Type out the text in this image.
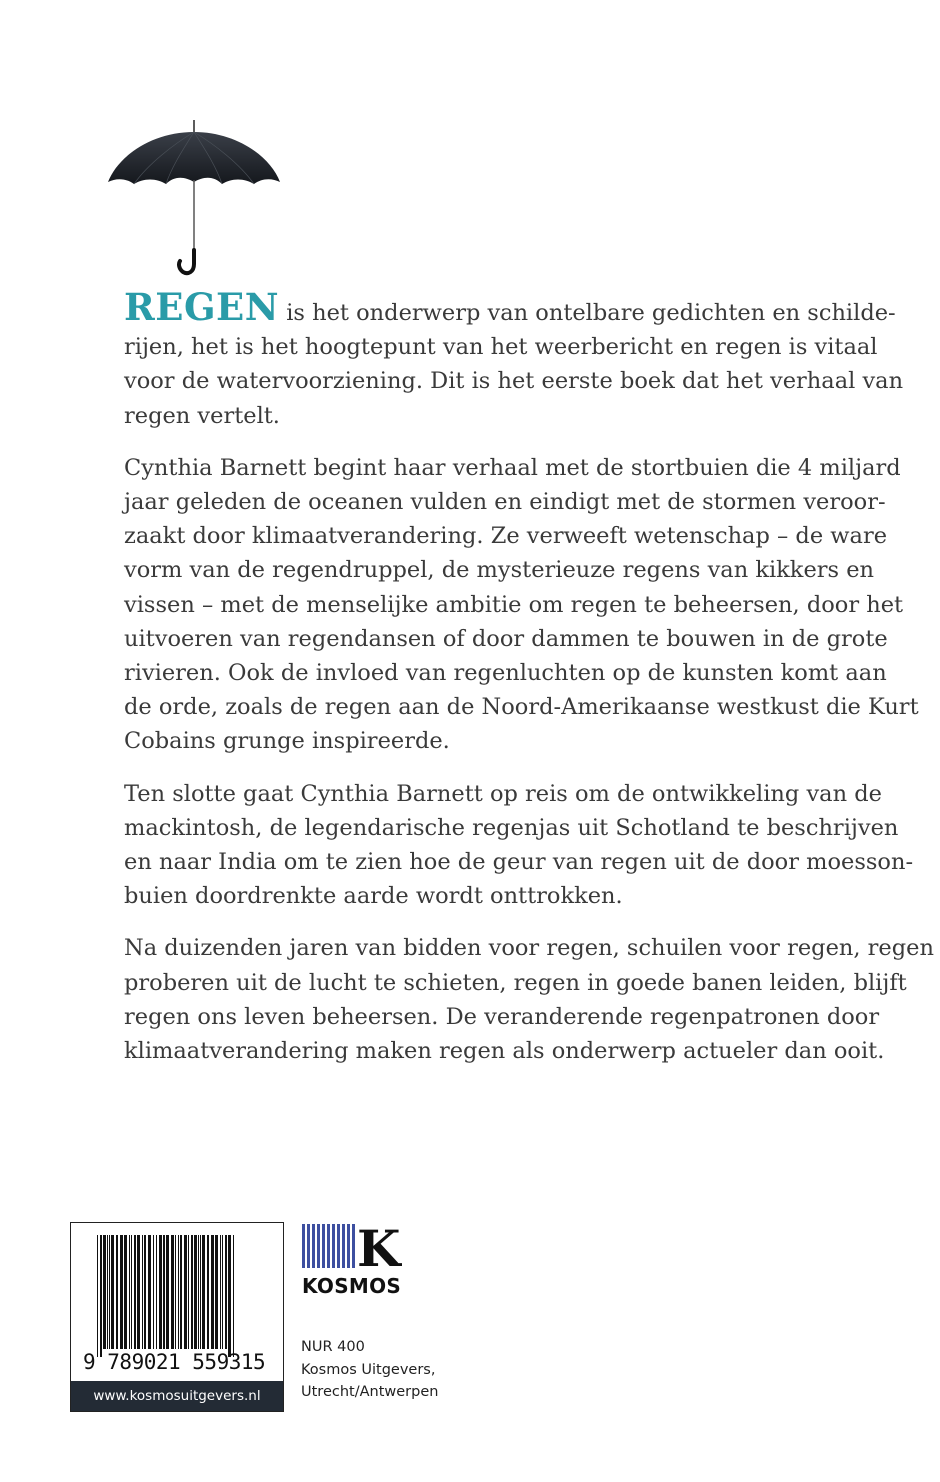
REGEN is het onderwerp van ontelbare gedichten en schilde-
rijen, het is het hoogtepunt van het weerbericht en regen is vitaal
voor de watervoorziening. Dit is het eerste boek dat het verhaal van
regen vertelt.

Cynthia Barnett begint haar verhaal met de stortbuien die 4 miljard
jaar geleden de oceanen vulden en eindigt met de stormen veroor-
zaakt door klimaatverandering. Ze verweeft wetenschap – de ware
vorm van de regendruppel, de mysterieuze regens van kikkers en
vissen – met de menselijke ambitie om regen te beheersen, door het
uitvoeren van regendansen of door dammen te bouwen in de grote
rivieren. Ook de invloed van regenluchten op de kunsten komt aan
de orde, zoals de regen aan de Noord-Amerikaanse westkust die Kurt
Cobains grunge inspireerde.

Ten slotte gaat Cynthia Barnett op reis om de ontwikkeling van de
mackintosh, de legendarische regenjas uit Schotland te beschrijven
en naar India om te zien hoe de geur van regen uit de door moesson-
buien doordrenkte aarde wordt onttrokken.

Na duizenden jaren van bidden voor regen, schuilen voor regen, regen
proberen uit de lucht te schieten, regen in goede banen leiden, blijft
regen ons leven beheersen. De veranderende regenpatronen door
klimaatverandering maken regen als onderwerp actueler dan ooit.

9 789021 559315
www.kosmosuitgevers.nl
K
KOSMOS
NUR 400
Kosmos Uitgevers,
Utrecht/Antwerpen
